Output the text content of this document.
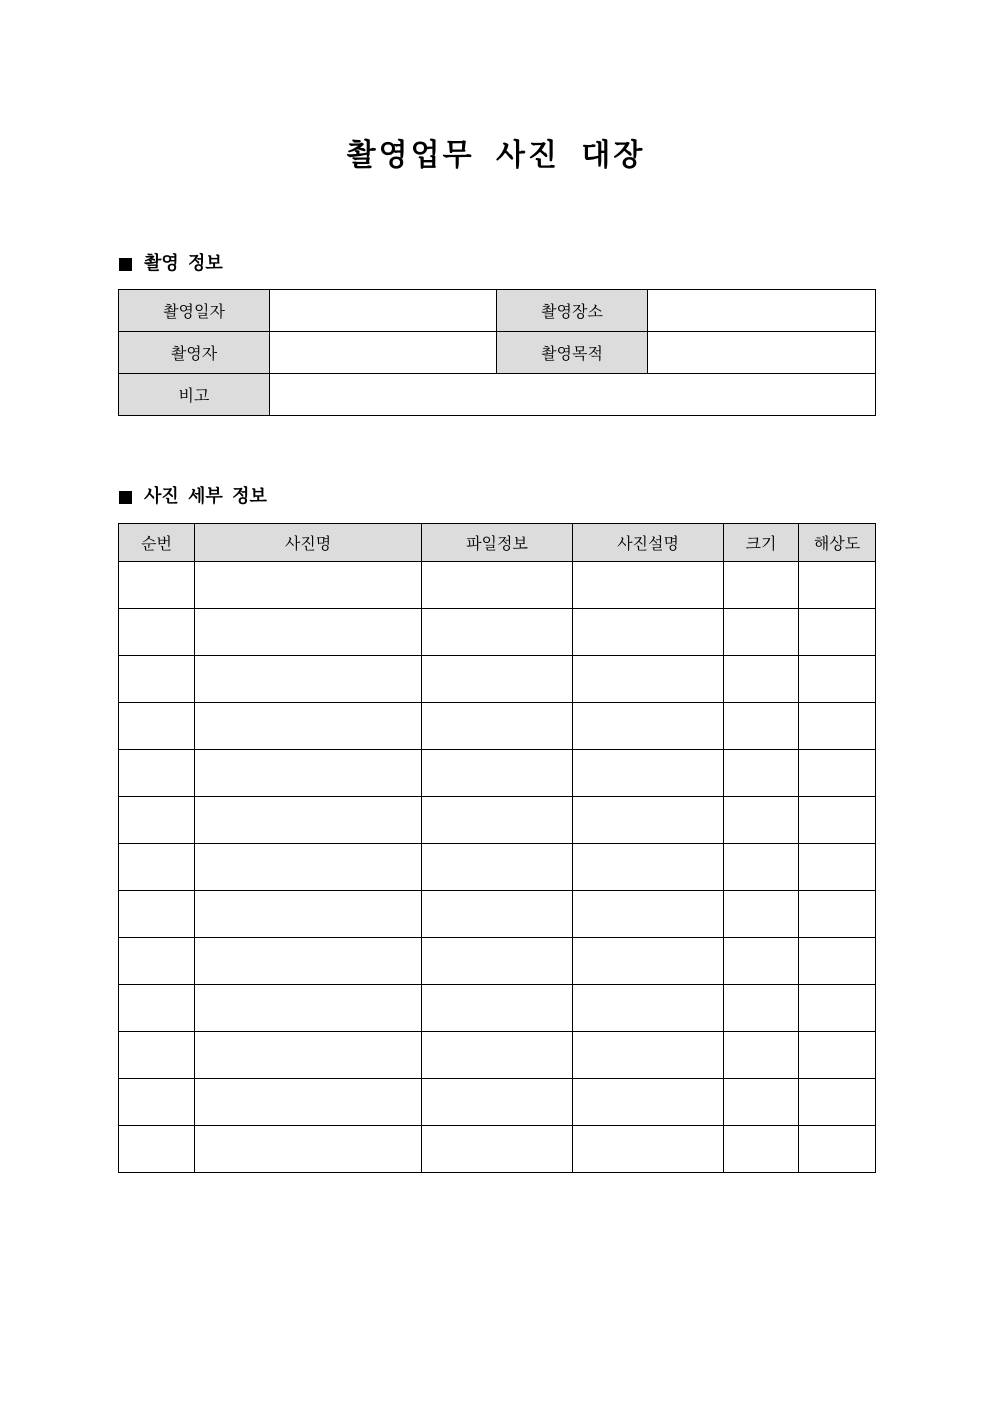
촬영업무 사진 대장
촬영 정보
촬영일자		촬영장소	
촬영자		촬영목적	
비고			
사진 세부 정보
순번	사진명	파일정보	사진설명	크기	해상도
